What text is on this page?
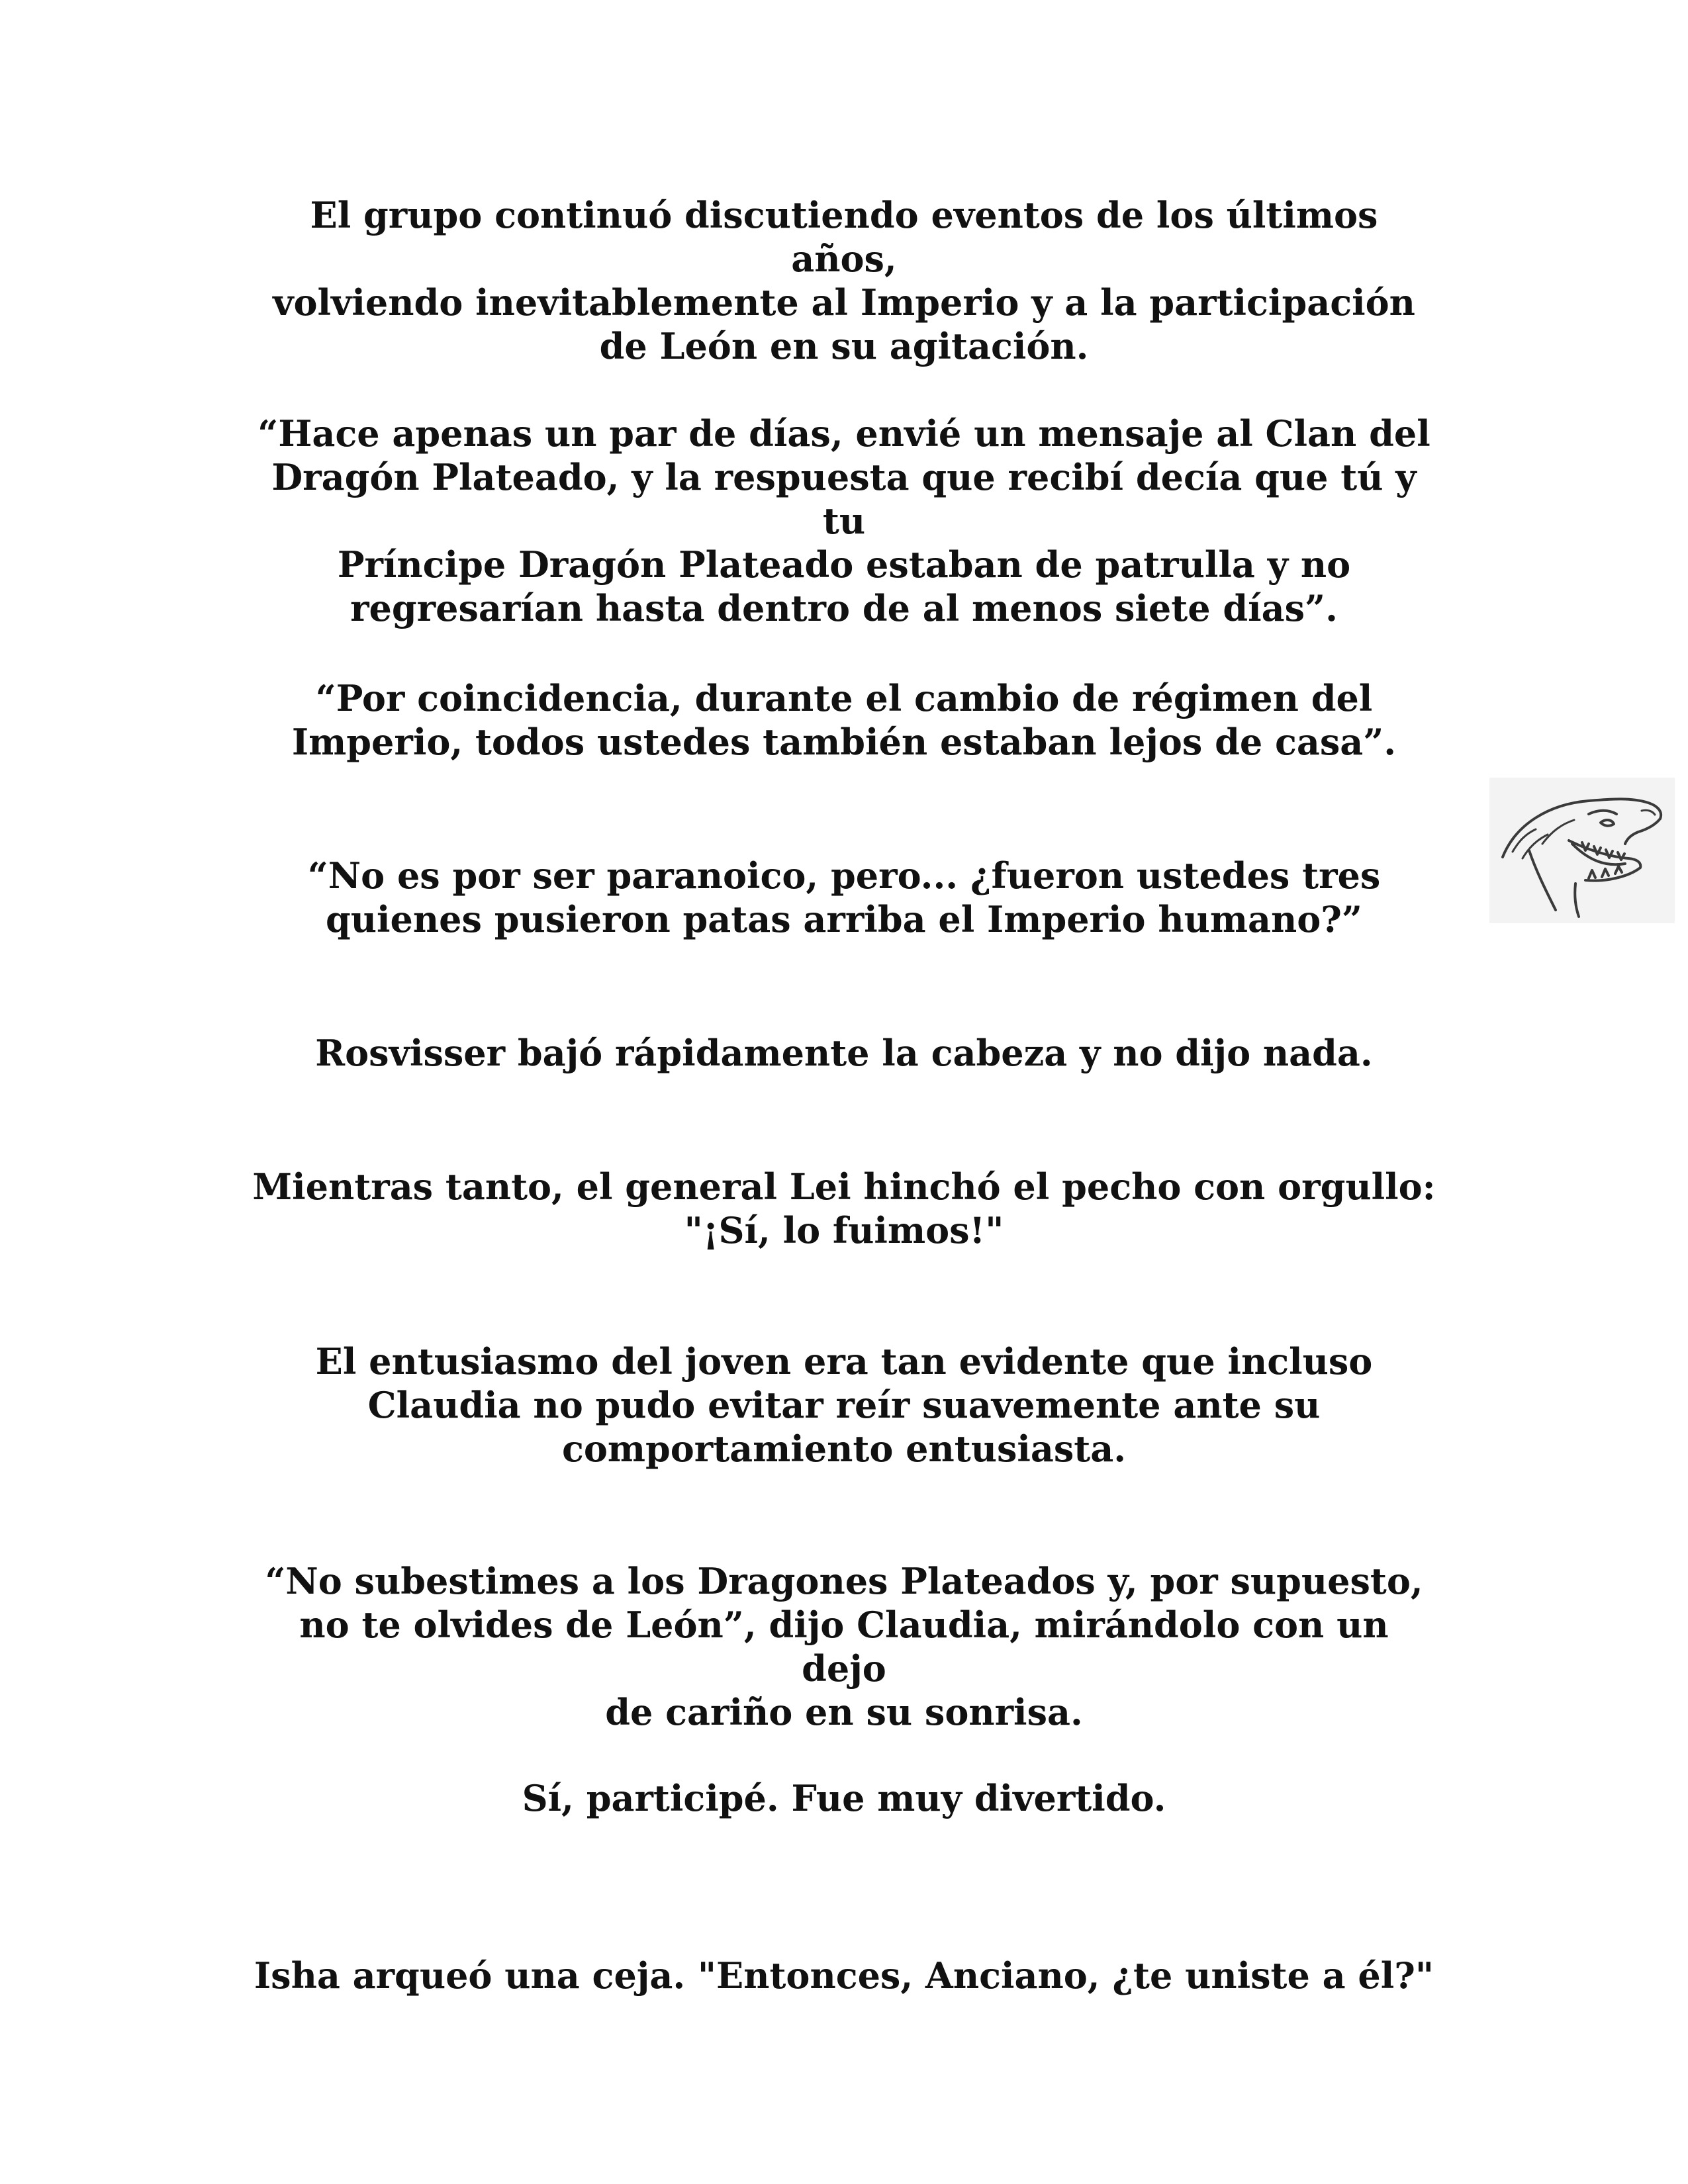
El grupo continuó discutiendo eventos de los últimos años,
volviendo inevitablemente al Imperio y a la participación
de León en su agitación.

“Hace apenas un par de días, envié un mensaje al Clan del
Dragón Plateado, y la respuesta que recibí decía que tú y tu
Príncipe Dragón Plateado estaban de patrulla y no
regresarían hasta dentro de al menos siete días”.

“Por coincidencia, durante el cambio de régimen del
Imperio, todos ustedes también estaban lejos de casa”.

“No es por ser paranoico, pero... ¿fueron ustedes tres
quienes pusieron patas arriba el Imperio humano?”

Rosvisser bajó rápidamente la cabeza y no dijo nada.

Mientras tanto, el general Lei hinchó el pecho con orgullo:
"¡Sí, lo fuimos!"

El entusiasmo del joven era tan evidente que incluso
Claudia no pudo evitar reír suavemente ante su
comportamiento entusiasta.

“No subestimes a los Dragones Plateados y, por supuesto,
no te olvides de León”, dijo Claudia, mirándolo con un dejo
de cariño en su sonrisa.

Sí, participé. Fue muy divertido.

Isha arqueó una ceja. "Entonces, Anciano, ¿te uniste a él?"
